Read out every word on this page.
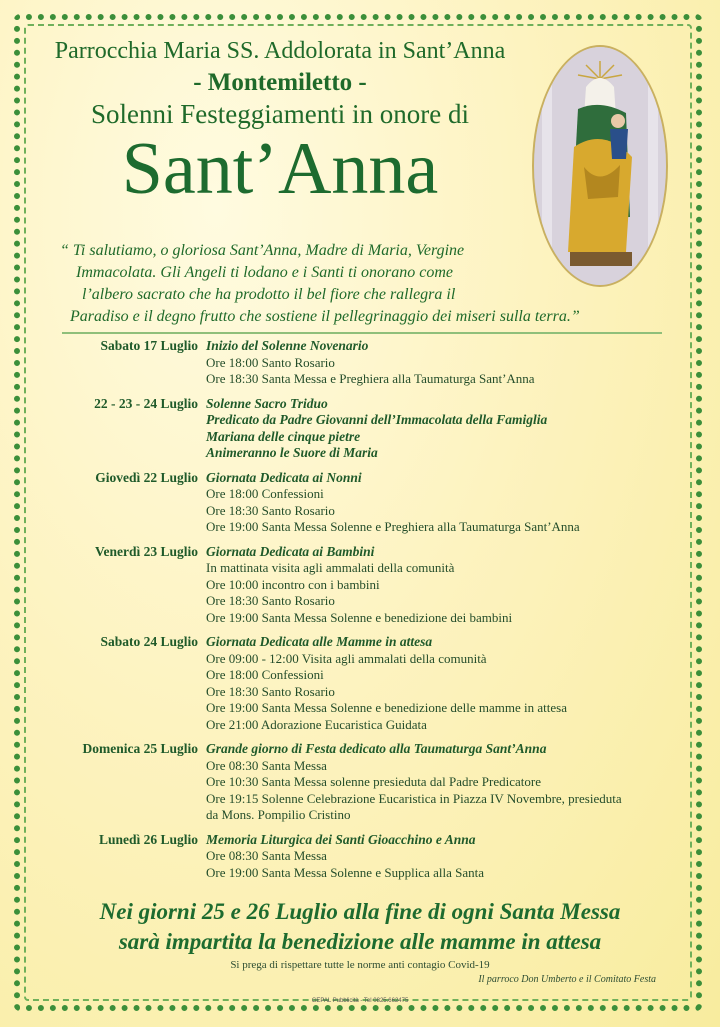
Parrocchia Maria SS. Addolorata in Sant’Anna
- Montemiletto -
Solenni Festeggiamenti in onore di
Sant’Anna
“ Ti salutiamo, o gloriosa Sant’Anna, Madre di Maria, Vergine
Immacolata. Gli Angeli ti lodano e i Santi ti onorano come
l’albero sacrato che ha prodotto il bel fiore che rallegra il
Paradiso e il degno frutto che sostiene il pellegrinaggio dei miseri sulla terra.”
Sabato 17 Luglio Inizio del Solenne Novenario
Ore 18:00 Santo Rosario
Ore 18:30 Santa Messa e Preghiera alla Taumaturga Sant’Anna
22 - 23 - 24 Luglio Solenne Sacro Triduo
Predicato da Padre Giovanni dell’Immacolata della Famiglia
Mariana delle cinque pietre
Animeranno le Suore di Maria
Giovedì 22 Luglio Giornata Dedicata ai Nonni
Ore 18:00 Confessioni
Ore 18:30 Santo Rosario
Ore 19:00 Santa Messa Solenne e Preghiera alla Taumaturga Sant’Anna
Venerdì 23 Luglio Giornata Dedicata ai Bambini
In mattinata visita agli ammalati della comunità
Ore 10:00 incontro con i bambini
Ore 18:30 Santo Rosario
Ore 19:00 Santa Messa Solenne e benedizione dei bambini
Sabato 24 Luglio Giornata Dedicata alle Mamme in attesa
Ore 09:00 - 12:00 Visita agli ammalati della comunità
Ore 18:00 Confessioni
Ore 18:30 Santo Rosario
Ore 19:00 Santa Messa Solenne e benedizione delle mamme in attesa
Ore 21:00 Adorazione Eucaristica Guidata
Domenica 25 Luglio Grande giorno di Festa dedicato alla Taumaturga Sant’Anna
Ore 08:30 Santa Messa
Ore 10:30 Santa Messa solenne presieduta dal Padre Predicatore
Ore 19:15 Solenne Celebrazione Eucaristica in Piazza IV Novembre, presieduta
da Mons. Pompilio Cristino
Lunedì 26 Luglio Memoria Liturgica dei Santi Gioacchino e Anna
Ore 08:30 Santa Messa
Ore 19:00 Santa Messa Solenne e Supplica alla Santa
Nei giorni 25 e 26 Luglio alla fine di ogni Santa Messa
sarà impartita la benedizione alle mamme in attesa
Si prega di rispettare tutte le norme anti contagio Covid-19
Il parroco Don Umberto e il Comitato Festa
GEPAL Pubblicità - Tel 0825.662475
